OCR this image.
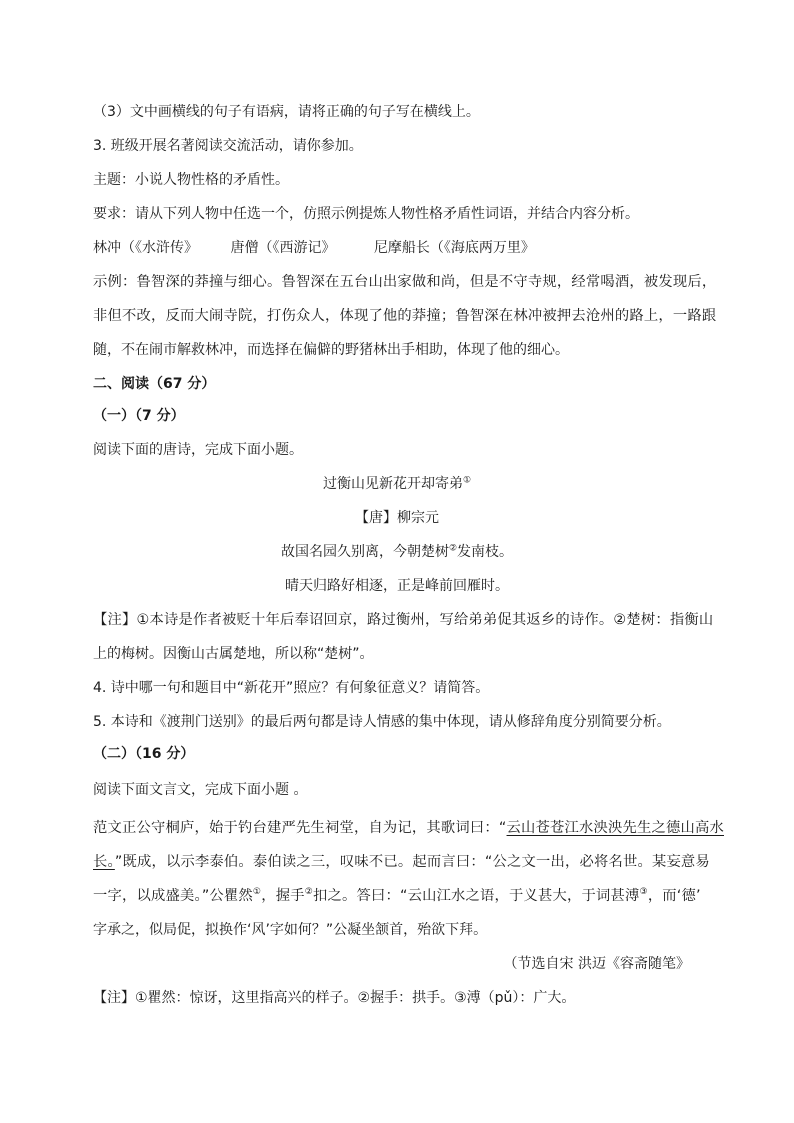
（3）文中画横线的句子有语病，请将正确的句子写在横线上。
3. 班级开展名著阅读交流活动，请你参加。
主题：小说人物性格的矛盾性。
要求：请从下列人物中任选一个，仿照示例提炼人物性格矛盾性词语，并结合内容分析。
林冲（《水浒传》 唐僧（《西游记》	尼摩船长（《海底两万里》
示例：鲁智深的莽撞与细心。鲁智深在五台山出家做和尚，但是不守寺规，经常喝酒，被发现后，
非但不改，反而大闹寺院，打伤众人，体现了他的莽撞；鲁智深在林冲被押去沧州的路上，一路跟
随，不在闹市解救林冲，而选择在偏僻的野猪林出手相助，体现了他的细心。
二、阅读（67 分）
（一）（7 分）
阅读下面的唐诗，完成下面小题。
过衡山见新花开却寄弟①
【唐】柳宗元
故国名园久别离，今朝楚树②发南枝。
晴天归路好相逐，正是峰前回雁时。
【注】①本诗是作者被贬十年后奉诏回京，路过衡州，写给弟弟促其返乡的诗作。②楚树：指衡山
上的梅树。因衡山古属楚地，所以称“楚树”。
4. 诗中哪一句和题目中“新花开”照应？有何象征意义？请简答。
5. 本诗和《渡荆门送别》的最后两句都是诗人情感的集中体现，请从修辞角度分别简要分析。
（二）（16 分）
阅读下面文言文，完成下面小题 。
范文正公守桐庐，始于钓台建严先生祠堂，自为记，其歌词曰：“云山苍苍江水泱泱先生之德山高水
长。”既成，以示李泰伯。泰伯读之三，叹味不已。起而言曰：“公之文一出，必将名世。某妄意易
一字，以成盛美。”公瞿然①，握手②扣之。答曰：“云山江水之语，于义甚大，于词甚溥③，而‘德’
字承之，似局促，拟换作‘风’字如何？”公凝坐颔首，殆欲下拜。
（节选自宋 洪迈《容斋随笔》
【注】①瞿然：惊讶，这里指高兴的样子。②握手：拱手。③溥（pǔ）：广大。
